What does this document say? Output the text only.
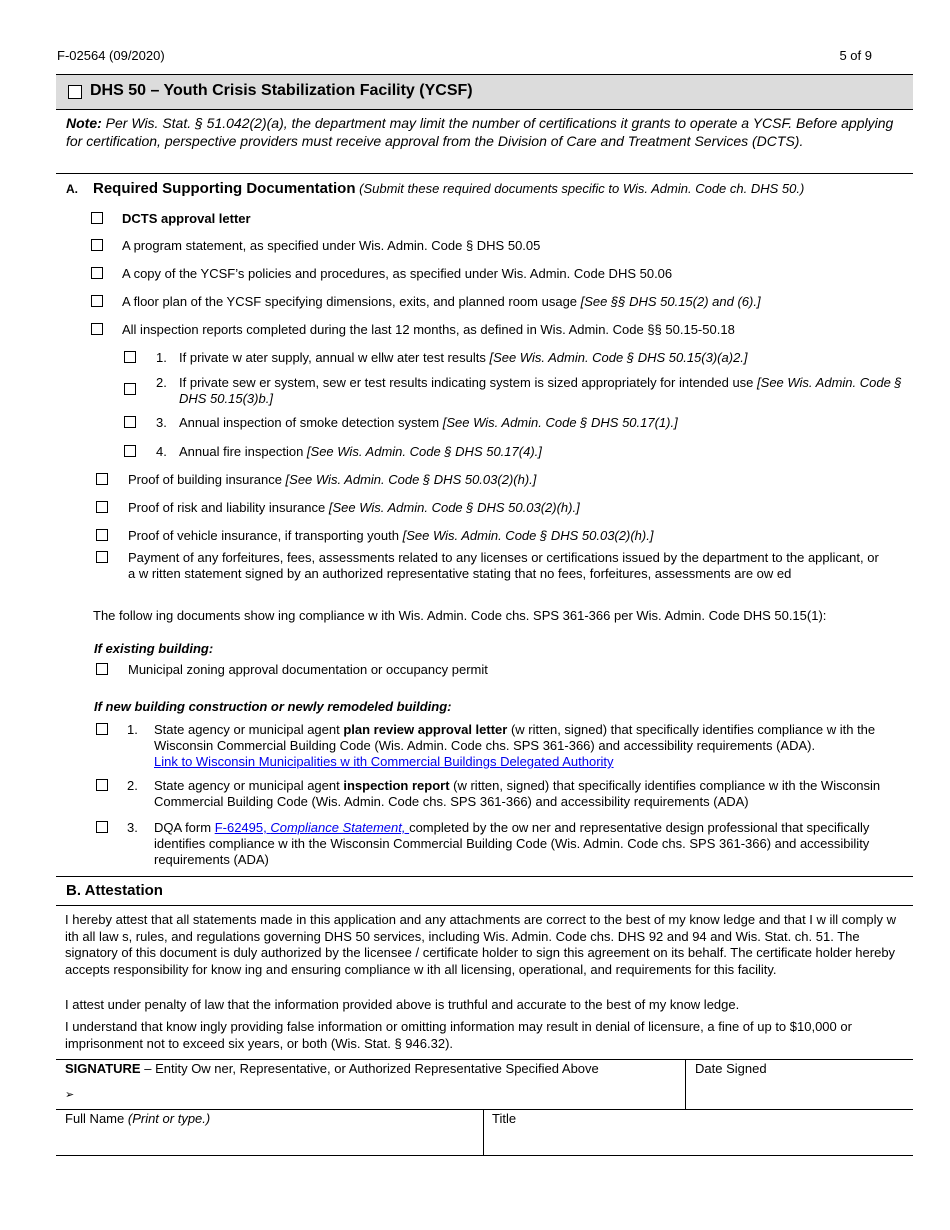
F-02564 (09/2020)	5 of 9
DHS 50 – Youth Crisis Stabilization Facility (YCSF)
Note: Per Wis. Stat. § 51.042(2)(a), the department may limit the number of certifications it grants to operate a YCSF. Before applying for certification, perspective providers must receive approval from the Division of Care and Treatment Services (DCTS).
A. Required Supporting Documentation (Submit these required documents specific to Wis. Admin. Code ch. DHS 50.)
DCTS approval letter
A program statement, as specified under Wis. Admin. Code § DHS 50.05
A copy of the YCSF’s policies and procedures, as specified under Wis. Admin. Code DHS 50.06
A floor plan of the YCSF specifying dimensions, exits, and planned room usage [See §§ DHS 50.15(2) and (6).]
All inspection reports completed during the last 12 months, as defined in Wis. Admin. Code §§ 50.15-50.18
1. If private w ater supply, annual w ellw ater test results [See Wis. Admin. Code § DHS 50.15(3)(a)2.]
2. If private sew er system, sew er test results indicating system is sized appropriately for intended use [See Wis. Admin. Code § DHS 50.15(3)b.]
3. Annual inspection of smoke detection system [See Wis. Admin. Code § DHS 50.17(1).]
4. Annual fire inspection [See Wis. Admin. Code § DHS 50.17(4).]
Proof of building insurance [See Wis. Admin. Code § DHS 50.03(2)(h).]
Proof of risk and liability insurance [See Wis. Admin. Code § DHS 50.03(2)(h).]
Proof of vehicle insurance, if transporting youth [See Wis. Admin. Code § DHS 50.03(2)(h).]
Payment of any forfeitures, fees, assessments related to any licenses or certifications issued by the department to the applicant, or a w ritten statement signed by an authorized representative stating that no fees, forfeitures, assessments are ow ed
The follow ing documents show ing compliance w ith Wis. Admin. Code chs. SPS 361-366 per Wis. Admin. Code DHS 50.15(1):
If existing building:
Municipal zoning approval documentation or occupancy permit
If new building construction or newly remodeled building:
1. State agency or municipal agent plan review approval letter (w ritten, signed) that specifically identifies compliance w ith the Wisconsin Commercial Building Code (Wis. Admin. Code chs. SPS 361-366) and accessibility requirements (ADA).
Link to Wisconsin Municipalities w ith Commercial Buildings Delegated Authority
2. State agency or municipal agent inspection report (w ritten, signed) that specifically identifies compliance w ith the Wisconsin Commercial Building Code (Wis. Admin. Code chs. SPS 361-366) and accessibility requirements (ADA)
3. DQA form F-62495, Compliance Statement, completed by the ow ner and representative design professional that specifically identifies compliance w ith the Wisconsin Commercial Building Code (Wis. Admin. Code chs. SPS 361-366) and accessibility requirements (ADA)
B. Attestation
I hereby attest that all statements made in this application and any attachments are correct to the best of my know ledge and that I w ill comply w ith all law s, rules, and regulations governing DHS 50 services, including Wis. Admin. Code chs. DHS 92 and 94 and Wis. Stat. ch. 51. The signatory of this document is duly authorized by the licensee / certificate holder to sign this agreement on its behalf. The certificate holder hereby accepts responsibility for know ing and ensuring compliance w ith all licensing, operational, and requirements for this facility.
I attest under penalty of law that the information provided above is truthful and accurate to the best of my know ledge.
I understand that know ingly providing false information or omitting information may result in denial of licensure, a fine of up to $10,000 or imprisonment not to exceed six years, or both (Wis. Stat. § 946.32).
SIGNATURE – Entity Ow ner, Representative, or Authorized Representative Specified Above
➢
Date Signed
Full Name (Print or type.)	Title
